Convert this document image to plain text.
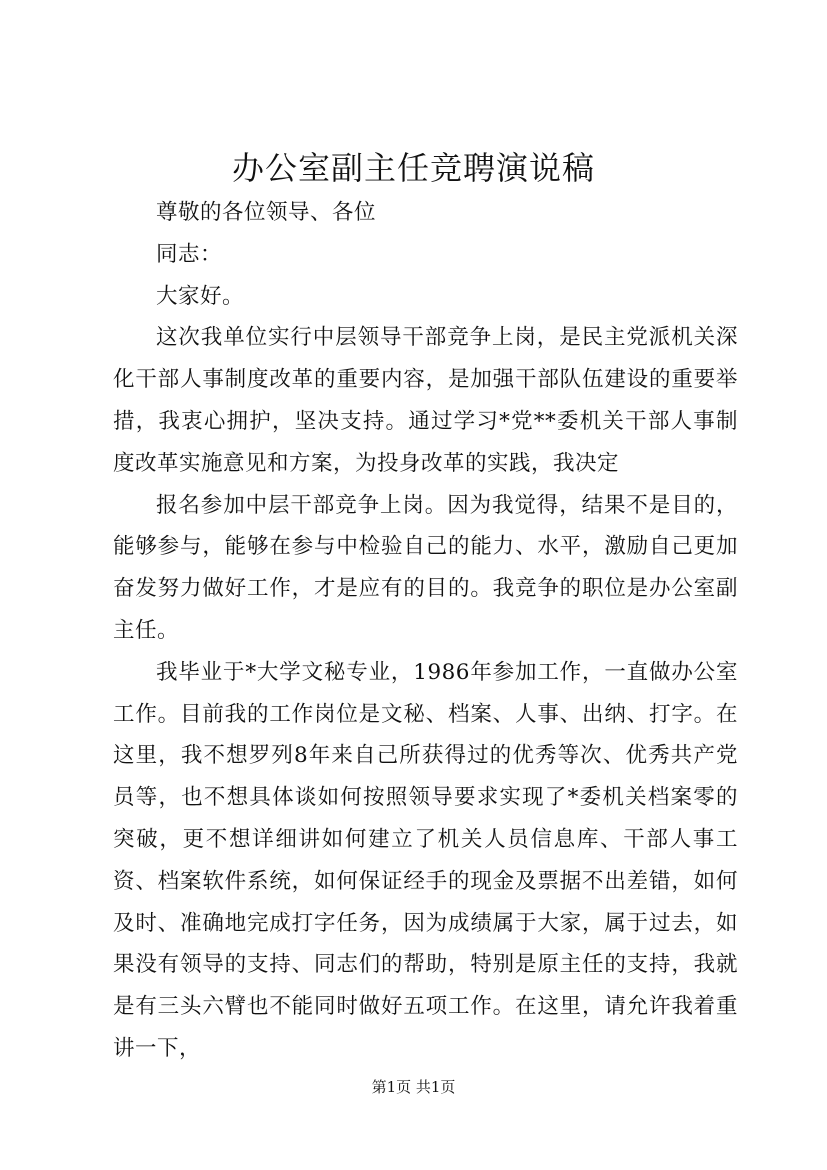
办公室副主任竞聘演说稿

尊敬的各位领导、各位

同志：

大家好。

这次我单位实行中层领导干部竞争上岗，是民主党派机关深化干部人事制度改革的重要内容，是加强干部队伍建设的重要举措，我衷心拥护，坚决支持。通过学习*党**委机关干部人事制度改革实施意见和方案，为投身改革的实践，我决定

报名参加中层干部竞争上岗。因为我觉得，结果不是目的，能够参与，能够在参与中检验自己的能力、水平，激励自己更加奋发努力做好工作，才是应有的目的。我竞争的职位是办公室副主任。

我毕业于*大学文秘专业，1986年参加工作，一直做办公室工作。目前我的工作岗位是文秘、档案、人事、出纳、打字。在这里，我不想罗列8年来自己所获得过的优秀等次、优秀共产党员等，也不想具体谈如何按照领导要求实现了*委机关档案零的突破，更不想详细讲如何建立了机关人员信息库、干部人事工资、档案软件系统，如何保证经手的现金及票据不出差错，如何及时、准确地完成打字任务，因为成绩属于大家，属于过去，如果没有领导的支持、同志们的帮助，特别是原主任的支持，我就是有三头六臂也不能同时做好五项工作。在这里，请允许我着重讲一下，

第1页 共1页
